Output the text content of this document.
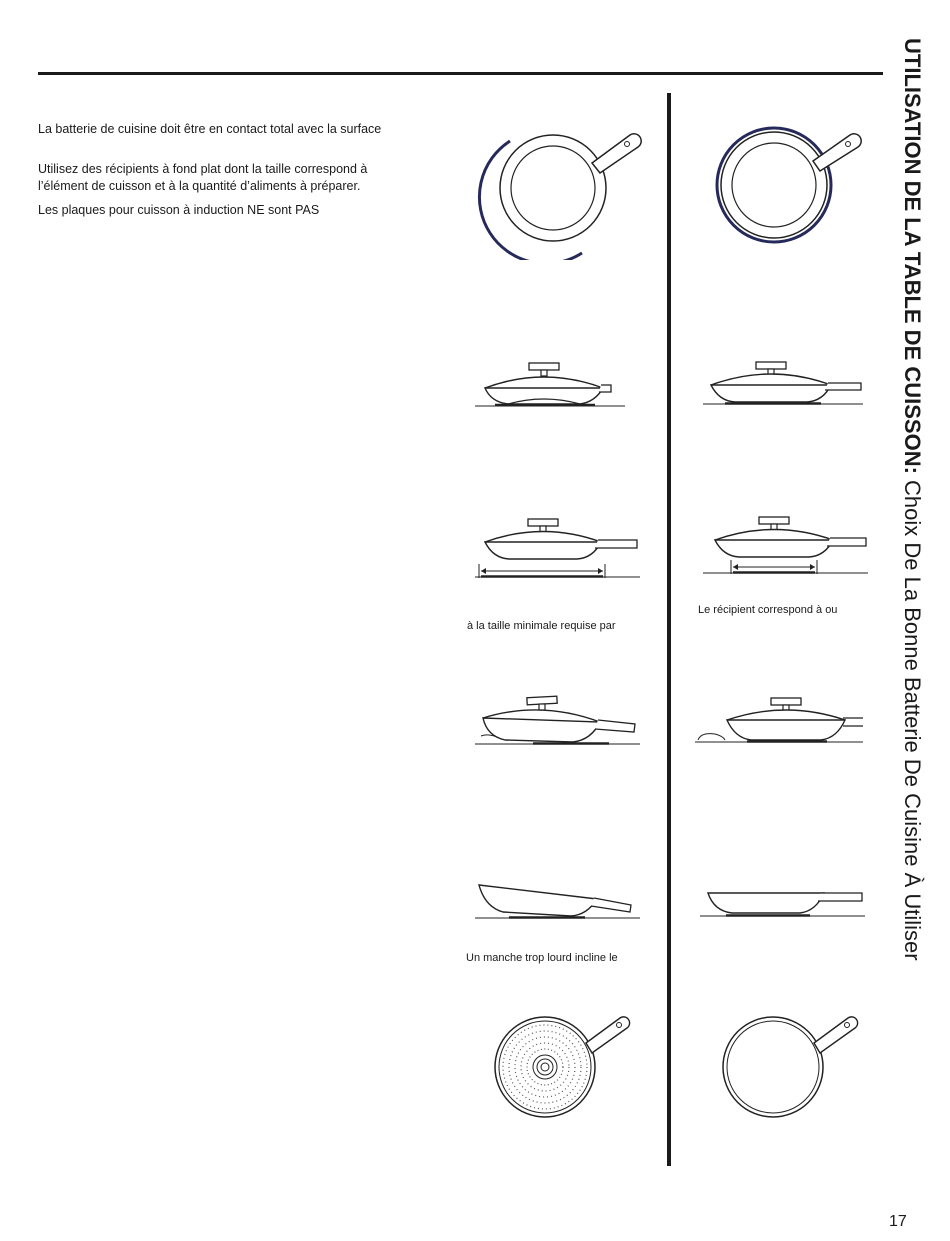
La batterie de cuisine doit être en contact total avec la surface

Utilisez des récipients à fond plat dont la taille correspond à

l’élément de cuisson et à la quantité d’aliments à préparer.

Les plaques pour cuisson à induction NE sont PAS

à la taille minimale requise par

Le récipient correspond à ou

Un manche trop lourd incline le

UTILISATION DE LA TABLE DE CUISSON: Choix De La Bonne Batterie De Cuisine À Utiliser
17
